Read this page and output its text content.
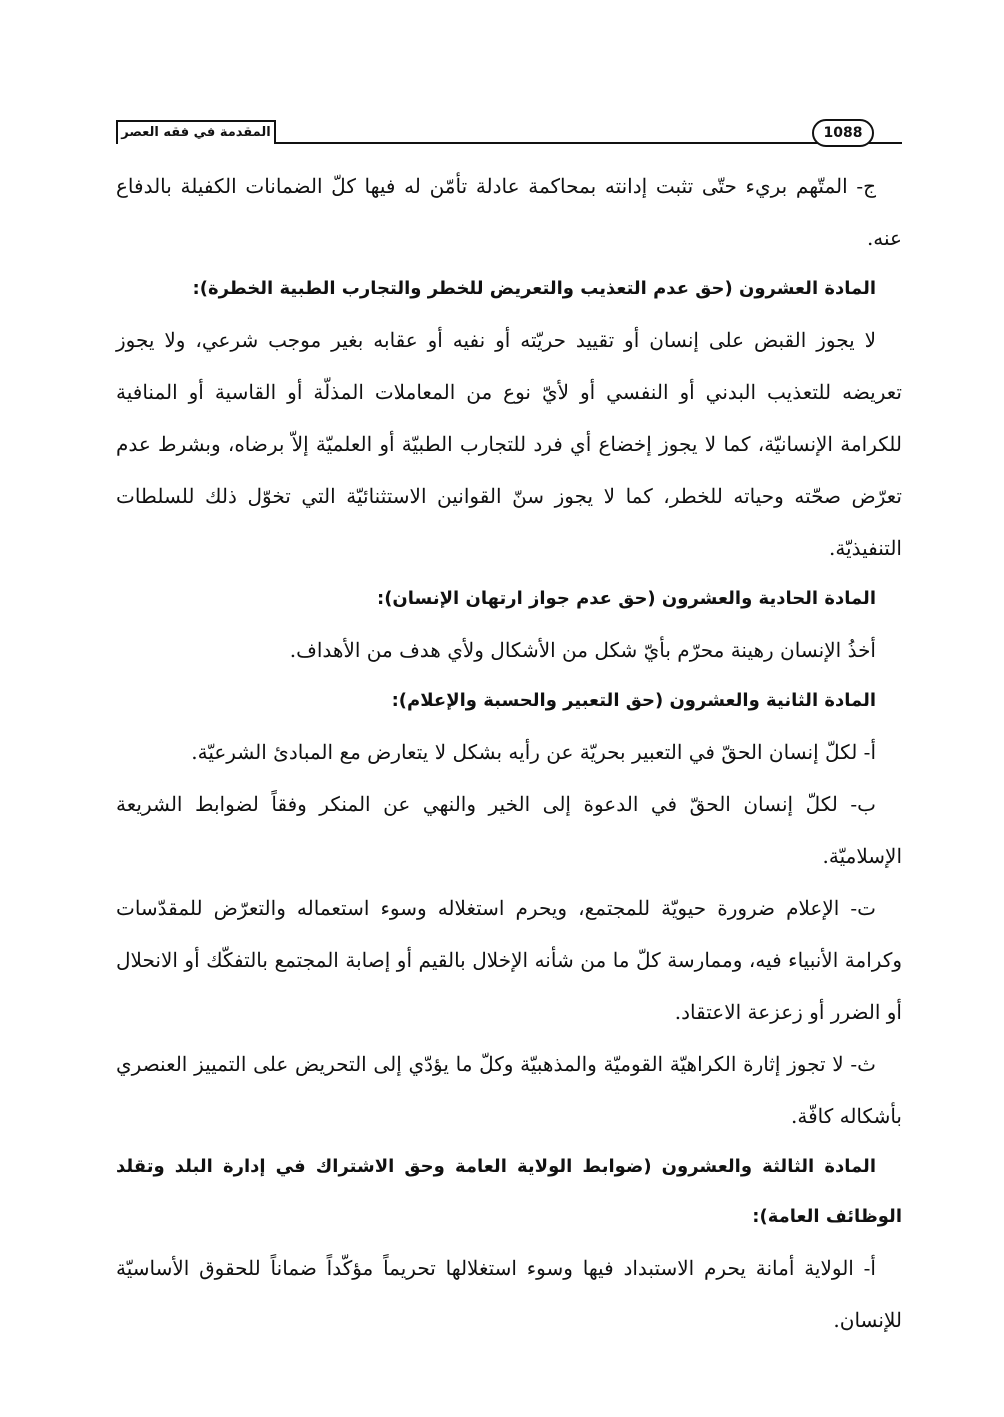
المقدمة في فقه العصر	1088

ج- المتّهم بريء حتّى تثبت إدانته بمحاكمة عادلة تأمّن له فيها كلّ الضمانات الكفيلة بالدفاع عنه.

المادة العشرون (حق عدم التعذيب والتعريض للخطر والتجارب الطبية الخطرة):

لا يجوز القبض على إنسان أو تقييد حريّته أو نفيه أو عقابه بغير موجب شرعي، ولا يجوز تعريضه للتعذيب البدني أو النفسي أو لأيّ نوع من المعاملات المذلّة أو القاسية أو المنافية للكرامة الإنسانيّة، كما لا يجوز إخضاع أي فرد للتجارب الطبيّة أو العلميّة إلاّ برضاه، وبشرط عدم تعرّض صحّته وحياته للخطر، كما لا يجوز سنّ القوانين الاستثنائيّة التي تخوّل ذلك للسلطات التنفيذيّة.

المادة الحادية والعشرون (حق عدم جواز ارتهان الإنسان):

أخذُ الإنسان رهينة محرّم بأيّ شكل من الأشكال ولأي هدف من الأهداف.

المادة الثانية والعشرون (حق التعبير والحسبة والإعلام):

أ- لكلّ إنسان الحقّ في التعبير بحريّة عن رأيه بشكل لا يتعارض مع المبادئ الشرعيّة.

ب- لكلّ إنسان الحقّ في الدعوة إلى الخير والنهي عن المنكر وفقاً لضوابط الشريعة الإسلاميّة.

ت- الإعلام ضرورة حيويّة للمجتمع، ويحرم استغلاله وسوء استعماله والتعرّض للمقدّسات وكرامة الأنبياء فيه، وممارسة كلّ ما من شأنه الإخلال بالقيم أو إصابة المجتمع بالتفكّك أو الانحلال أو الضرر أو زعزعة الاعتقاد.

ث- لا تجوز إثارة الكراهيّة القوميّة والمذهبيّة وكلّ ما يؤدّي إلى التحريض على التمييز العنصري بأشكاله كافّة.

المادة الثالثة والعشرون (ضوابط الولاية العامة وحق الاشتراك في إدارة البلد وتقلد الوظائف العامة):

أ- الولاية أمانة يحرم الاستبداد فيها وسوء استغلالها تحريماً مؤكّداً ضماناً للحقوق الأساسيّة للإنسان.
